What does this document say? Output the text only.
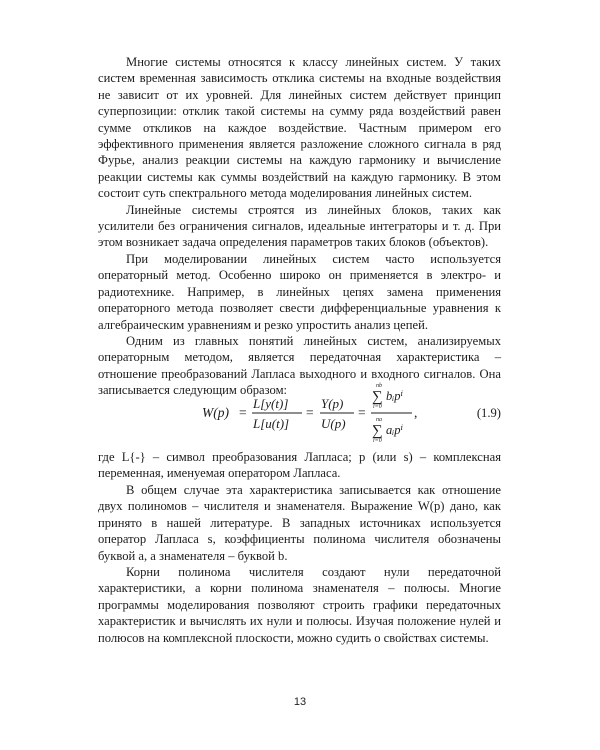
Многие системы относятся к классу линейных систем. У таких систем временная зависимость отклика системы на входные воздействия не зависит от их уровней. Для линейных систем действует принцип суперпозиции: отклик такой системы на сумму ряда воздействий равен сумме откликов на каждое воздействие. Частным примером его эффективного применения является разложение сложного сигнала в ряд Фурье, анализ реакции системы на каждую гармонику и вычисление реакции системы как суммы воздействий на каждую гармонику. В этом состоит суть спектрального метода моделирования линейных систем.

Линейные системы строятся из линейных блоков, таких как усилители без ограничения сигналов, идеальные интеграторы и т. д. При этом возникает задача определения параметров таких блоков (объектов).

При моделировании линейных систем часто используется операторный метод. Особенно широко он применяется в электро- и радиотехнике. Например, в линейных цепях замена применения операторного метода позволяет свести дифференциальные уравнения к алгебраическим уравнениям и резко упростить анализ цепей.

Одним из главных понятий линейных систем, анализируемых операторным методом, является передаточная характеристика – отношение преобразований Лапласа выходного и входного сигналов. Она записывается следующим образом:

W(p) =
L[y(t)]
L[u(t)]
=
Y(p)
U(p)
=
nb
∑
i=0
bᵢpⁱ
na
∑
i=0
aᵢpⁱ
,	(1.9)

где L{-} – символ преобразования Лапласа; p (или s) – комплексная переменная, именуемая оператором Лапласа.

В общем случае эта характеристика записывается как отношение двух полиномов – числителя и знаменателя. Выражение W(p) дано, как принято в нашей литературе. В западных источниках используется оператор Лапласа s, коэффициенты полинома числителя обозначены буквой a, а знаменателя – буквой b.

Корни полинома числителя создают нули передаточной характеристики, а корни полинома знаменателя – полюсы. Многие программы моделирования позволяют строить графики передаточных характеристик и вычислять их нули и полюсы. Изучая положение нулей и полюсов на комплексной плоскости, можно судить о свойствах системы.

13
